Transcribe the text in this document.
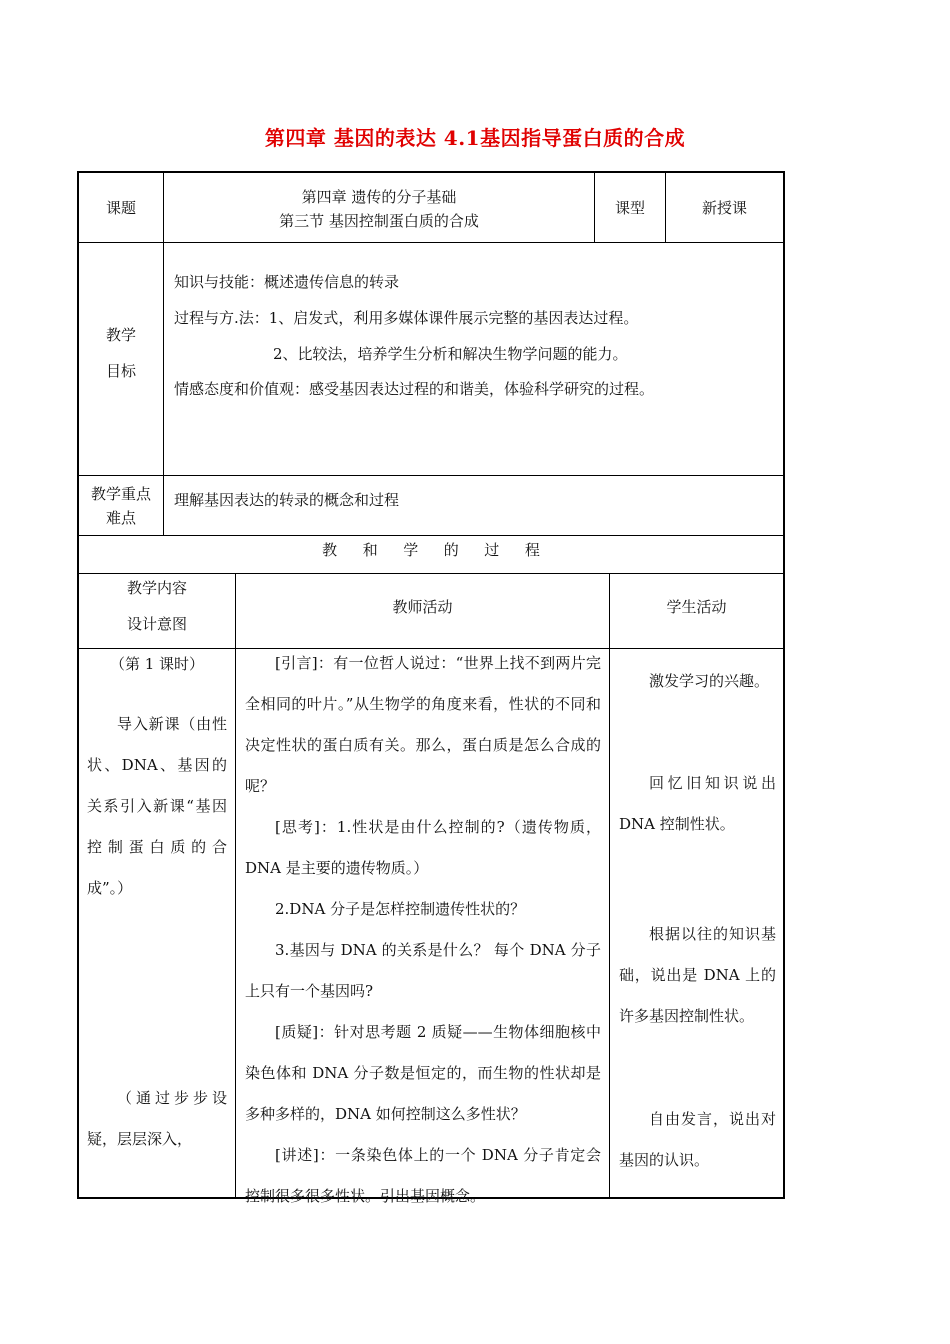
第四章 基因的表达 4.1基因指导蛋白质的合成
课题
第四章 遗传的分子基础
第三节 基因控制蛋白质的合成
课型	新授课
教学
目标
知识与技能：概述遗传信息的转录
过程与方.法：1、启发式，利用多媒体课件展示完整的基因表达过程。
2、比较法，培养学生分析和解决生物学问题的能力。
情感态度和价值观：感受基因表达过程的和谐美，体验科学研究的过程。
教学重点
难点
理解基因表达的转录的概念和过程
教  和  学  的  过  程
教学内容
设计意图
教师活动	学生活动
（第 1 课时）

导入新课（由性状、DNA、基因的关系引入新课“基因控制蛋白质的合成”。）

（通过步步设疑，层层深入，

[引言]：有一位哲人说过：“世界上找不到两片完全相同的叶片。”从生物学的角度来看，性状的不同和决定性状的蛋白质有关。那么，蛋白质是怎么合成的呢？

[思考]：1.性状是由什么控制的?（遗传物质，DNA 是主要的遗传物质。）

2.DNA 分子是怎样控制遗传性状的？

3.基因与 DNA 的关系是什么？ 每个 DNA 分子上只有一个基因吗?

[质疑]：针对思考题 2 质疑——生物体细胞核中染色体和 DNA 分子数是恒定的，而生物的性状却是多种多样的，DNA 如何控制这么多性状？

[讲述]：一条染色体上的一个 DNA 分子肯定会控制很多很多性状。引出基因概念。

激发学习的兴趣。

回忆旧知识说出 DNA 控制性状。

根据以往的知识基础，说出是 DNA 上的许多基因控制性状。

自由发言，说出对基因的认识。
